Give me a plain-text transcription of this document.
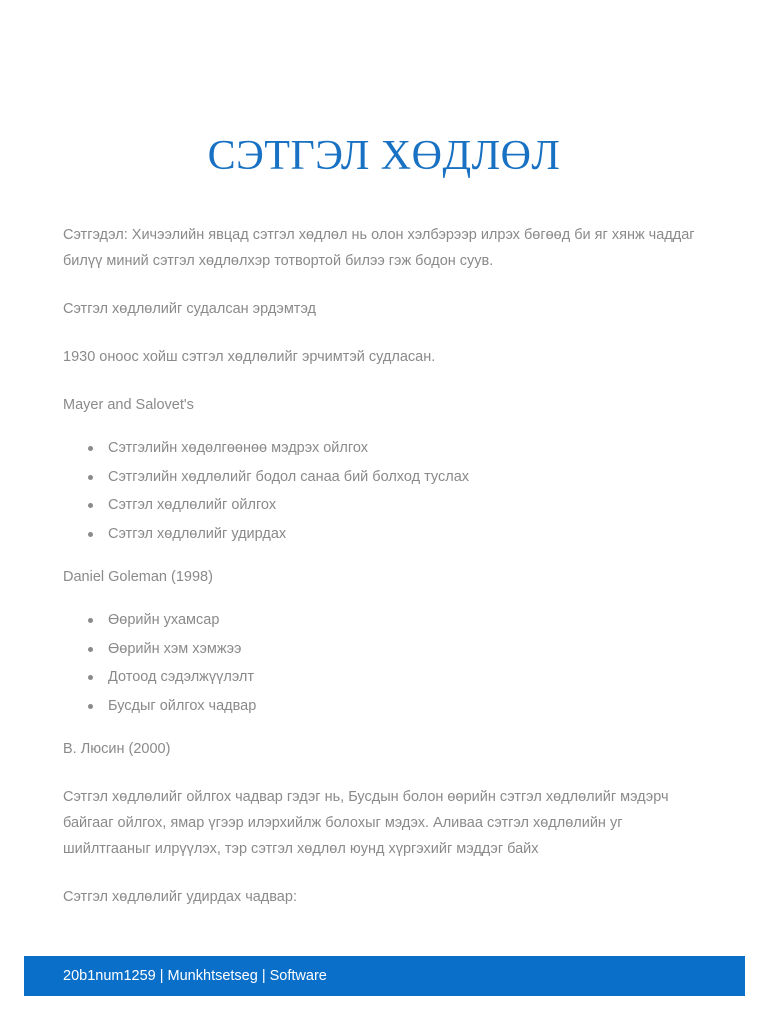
СЭТГЭЛ ХӨДЛӨЛ

Сэтгэдэл: Хичээлийн явцад сэтгэл хөдлөл нь олон хэлбэрээр илрэх бөгөөд би яг хянж чаддаг билүү миний сэтгэл хөдлөлхэр тотвортой билээ гэж бодон суув.

Сэтгэл хөдлөлийг судалсан эрдэмтэд

1930 оноос хойш сэтгэл хөдлөлийг эрчимтэй судласан.

Mayer and Salovet's

Сэтгэлийн хөдөлгөөнөө мэдрэх ойлгох
Сэтгэлийн хөдлөлийг бодол санаа бий болход туслах
Сэтгэл хөдлөлийг ойлгох
Сэтгэл хөдлөлийг удирдах

Daniel Goleman (1998)

Өөрийн ухамсар
Өөрийн хэм хэмжээ
Дотоод сэдэлжүүлэлт
Бусдыг ойлгох чадвар

В. Люсин (2000)

Сэтгэл хөдлөлийг ойлгох чадвар гэдэг нь, Бусдын болон өөрийн сэтгэл хөдлөлийг мэдэрч байгааг ойлгох, ямар үгээр илэрхийлж болохыг мэдэх. Аливаа сэтгэл хөдлөлийн уг шийлтгааныг илрүүлэх, тэр сэтгэл хөдлөл юунд хүргэхийг мэддэг байх

Сэтгэл хөдлөлийг удирдах чадвар:

20b1num1259 | Munkhtsetseg | Software
